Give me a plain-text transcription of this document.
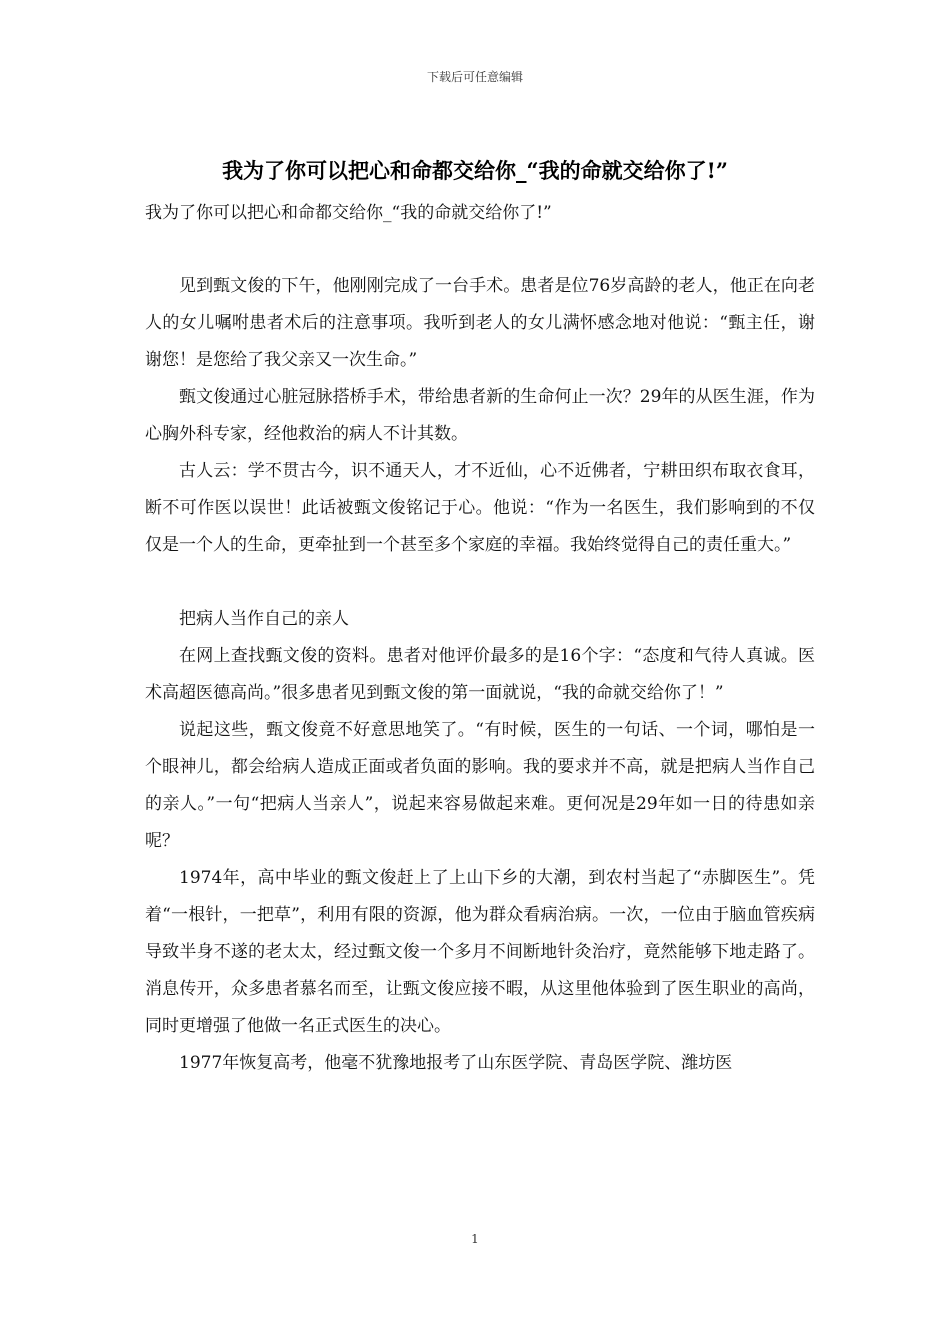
下载后可任意编辑
我为了你可以把心和命都交给你_“我的命就交给你了!”

我为了你可以把心和命都交给你_“我的命就交给你了!”

见到甄文俊的下午，他刚刚完成了一台手术。患者是位76岁高龄的老人，他正在向老人的女儿嘱咐患者术后的注意事项。我听到老人的女儿满怀感念地对他说：“甄主任，谢谢您！是您给了我父亲又一次生命。”

甄文俊通过心脏冠脉搭桥手术，带给患者新的生命何止一次？29年的从医生涯，作为心胸外科专家，经他救治的病人不计其数。

古人云：学不贯古今，识不通天人，才不近仙，心不近佛者，宁耕田织布取衣食耳，断不可作医以误世！此话被甄文俊铭记于心。他说：“作为一名医生，我们影响到的不仅仅是一个人的生命，更牵扯到一个甚至多个家庭的幸福。我始终觉得自己的责任重大。”

把病人当作自己的亲人

在网上查找甄文俊的资料。患者对他评价最多的是16个字：“态度和气待人真诚。医术高超医德高尚。”很多患者见到甄文俊的第一面就说，“我的命就交给你了！”

说起这些，甄文俊竟不好意思地笑了。“有时候，医生的一句话、一个词，哪怕是一个眼神儿，都会给病人造成正面或者负面的影响。我的要求并不高，就是把病人当作自己的亲人。”一句“把病人当亲人”，说起来容易做起来难。更何况是29年如一日的待患如亲呢？

1974年，高中毕业的甄文俊赶上了上山下乡的大潮，到农村当起了“赤脚医生”。凭着“一根针，一把草”，利用有限的资源，他为群众看病治病。一次，一位由于脑血管疾病导致半身不遂的老太太，经过甄文俊一个多月不间断地针灸治疗，竟然能够下地走路了。消息传开，众多患者慕名而至，让甄文俊应接不暇，从这里他体验到了医生职业的高尚，同时更增强了他做一名正式医生的决心。

1977年恢复高考，他毫不犹豫地报考了山东医学院、青岛医学院、潍坊医

1
